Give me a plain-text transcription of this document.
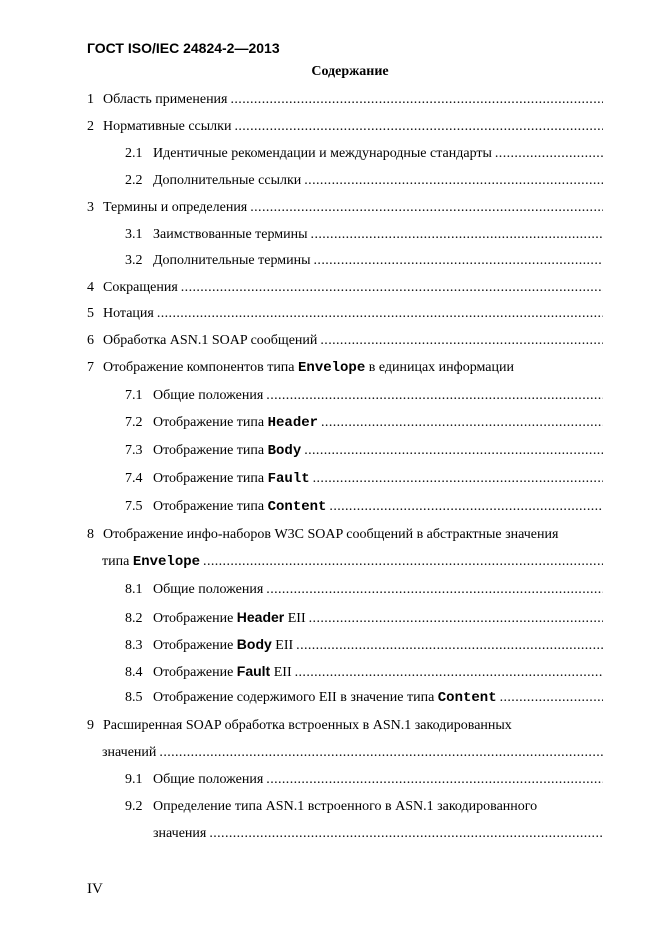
ГОСТ ISO/IEC 24824-2—2013
Содержание
1 Область применения
.....
2 Нормативные ссылки
.....
2.1 Идентичные рекомендации и международные стандарты
.....
2.2 Дополнительные ссылки
.....
3 Термины и определения
.....
3.1 Заимствованные термины
.....
3.2 Дополнительные термины
.....
4 Сокращения
.....
5 Нотация
.....
6 Обработка ASN.1 SOAP сообщений
.....
7 Отображение компонентов типа Envelope в единицах информации
7.1 Общие положения
.....
7.2 Отображение типа Header
.....
7.3 Отображение типа Body
.....
7.4 Отображение типа Fault
.....
7.5 Отображение типа Content
.....
8 Отображение инфо-наборов W3C SOAP сообщений в абстрактные значения
типа Envelope
.....
8.1 Общие положения
.....
8.2 Отображение Header EII
.....
8.3 Отображение Body EII
.....
8.4 Отображение Fault EII
.....
8.5 Отображение содержимого EII в значение типа Content
.....
9 Расширенная SOAP обработка встроенных в ASN.1 закодированных
значений
.....
9.1 Общие положения
.....
9.2 Определение типа ASN.1 встроенного в ASN.1 закодированного
значения
.....
IV
